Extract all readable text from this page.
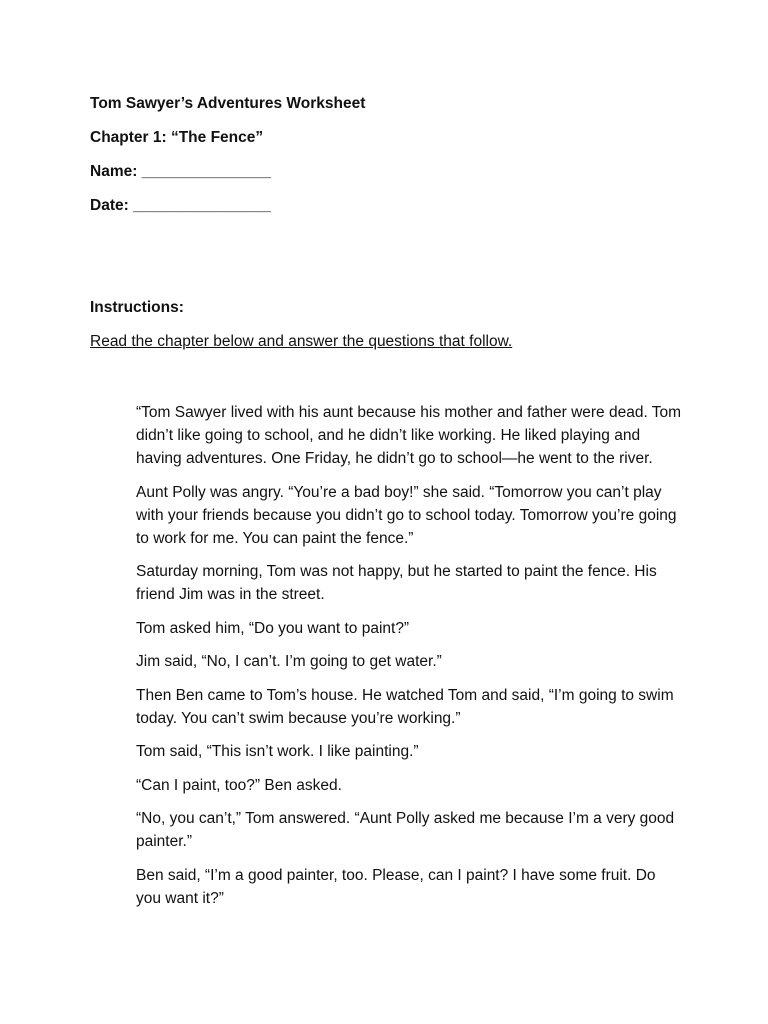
Tom Sawyer’s Adventures Worksheet
Chapter 1: “The Fence”
Name: _______________
Date: ________________
Instructions:
Read the chapter below and answer the questions that follow.

“Tom Sawyer lived with his aunt because his mother and father were dead. Tom didn’t like going to school, and he didn’t like working. He liked playing and having adventures. One Friday, he didn’t go to school—he went to the river.

Aunt Polly was angry. “You’re a bad boy!” she said. “Tomorrow you can’t play with your friends because you didn’t go to school today. Tomorrow you’re going to work for me. You can paint the fence.”

Saturday morning, Tom was not happy, but he started to paint the fence. His friend Jim was in the street.

Tom asked him, “Do you want to paint?”

Jim said, “No, I can’t. I’m going to get water.”

Then Ben came to Tom’s house. He watched Tom and said, “I’m going to swim today. You can’t swim because you’re working.”

Tom said, “This isn’t work. I like painting.”

“Can I paint, too?” Ben asked.

“No, you can’t,” Tom answered. “Aunt Polly asked me because I’m a very good painter.”

Ben said, “I’m a good painter, too. Please, can I paint? I have some fruit. Do you want it?”
